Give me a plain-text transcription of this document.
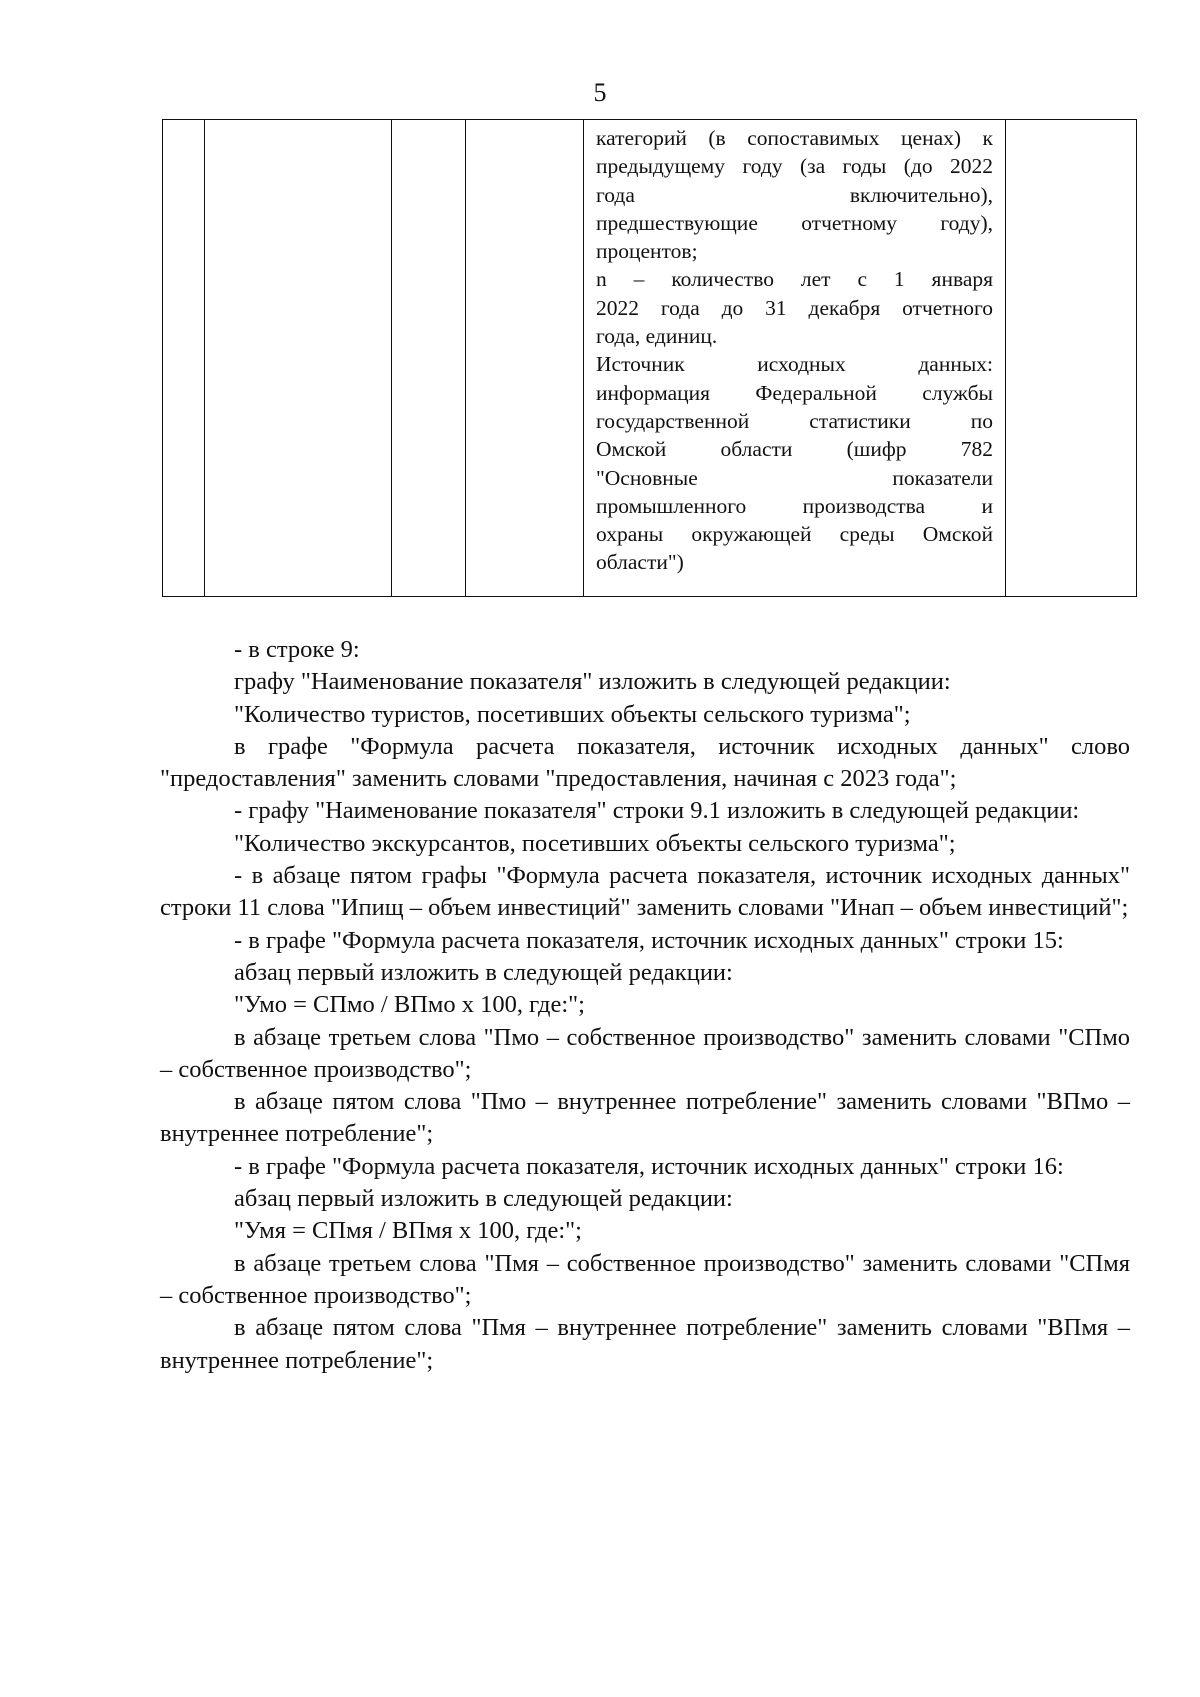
5

категорий (в сопоставимых ценах) к

предыдущему году (за годы (до 2022

года включительно),

предшествующие отчетному году),

процентов;

n – количество лет с 1 января

2022 года до 31 декабря отчетного

года, единиц.

Источник исходных данных:

информация Федеральной службы

государственной статистики по

Омской области (шифр 782

"Основные показатели

промышленного производства и

охраны окружающей среды Омской

области")

- в строке 9:

графу "Наименование показателя" изложить в следующей редакции:

"Количество туристов, посетивших объекты сельского туризма";

в графе "Формула расчета показателя, источник исходных данных" слово "предоставления" заменить словами "предоставления, начиная с 2023 года";

- графу "Наименование показателя" строки 9.1 изложить в следующей редакции:

"Количество экскурсантов, посетивших объекты сельского туризма";

- в абзаце пятом графы "Формула расчета показателя, источник исходных данных" строки 11 слова "Ипищ – объем инвестиций" заменить словами "Инап – объем инвестиций";

- в графе "Формула расчета показателя, источник исходных данных" строки 15:

абзац первый изложить в следующей редакции:

"Умо = СПмо / ВПмо х 100, где:";

в абзаце третьем слова "Пмо – собственное производство" заменить словами "СПмо – собственное производство";

в абзаце пятом слова "Пмо – внутреннее потребление" заменить словами "ВПмо – внутреннее потребление";

- в графе "Формула расчета показателя, источник исходных данных" строки 16:

абзац первый изложить в следующей редакции:

"Умя = СПмя / ВПмя х 100, где:";

в абзаце третьем слова "Пмя – собственное производство" заменить словами "СПмя – собственное производство";

в абзаце пятом слова "Пмя – внутреннее потребление" заменить словами "ВПмя – внутреннее потребление";
